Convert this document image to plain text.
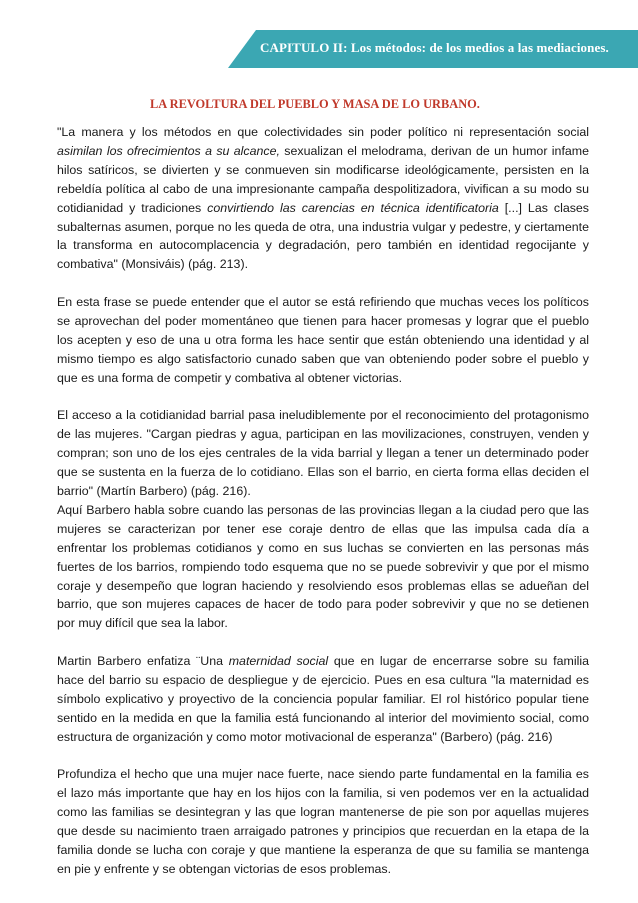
CAPITULO II: Los métodos: de los medios a las mediaciones.
LA REVOLTURA DEL PUEBLO Y MASA DE LO URBANO.

"La manera y los métodos en que colectividades sin poder político ni representación social asimilan los ofrecimientos a su alcance, sexualizan el melodrama, derivan de un humor infame hilos satíricos, se divierten y se conmueven sin modificarse ideológicamente, persisten en la rebeldía política al cabo de una impresionante campaña despolitizadora, vivifican a su modo su cotidianidad y tradiciones convirtiendo las carencias en técnica identificatoria [...] Las clases subalternas asumen, porque no les queda de otra, una industria vulgar y pedestre, y ciertamente la transforma en autocomplacencia y degradación, pero también en identidad regocijante y combativa" (Monsiváis) (pág. 213).

En esta frase se puede entender que el autor se está refiriendo que muchas veces los políticos se aprovechan del poder momentáneo que tienen para hacer promesas y lograr que el pueblo los acepten y eso de una u otra forma les hace sentir que están obteniendo una identidad y al mismo tiempo es algo satisfactorio cunado saben que van obteniendo poder sobre el pueblo y que es una forma de competir y combativa al obtener victorias.

El acceso a la cotidianidad barrial pasa ineludiblemente por el reconocimiento del protagonismo de las mujeres. "Cargan piedras y agua, participan en las movilizaciones, construyen, venden y compran; son uno de los ejes centrales de la vida barrial y llegan a tener un determinado poder que se sustenta en la fuerza de lo cotidiano. Ellas son el barrio, en cierta forma ellas deciden el barrio" (Martín Barbero) (pág. 216).

Aquí Barbero habla sobre cuando las personas de las provincias llegan a la ciudad pero que las mujeres se caracterizan por tener ese coraje dentro de ellas que las impulsa cada día a enfrentar los problemas cotidianos y como en sus luchas se convierten en las personas más fuertes de los barrios, rompiendo todo esquema que no se puede sobrevivir y que por el mismo coraje y desempeño que logran haciendo y resolviendo esos problemas ellas se adueñan del barrio, que son mujeres capaces de hacer de todo para poder sobrevivir y que no se detienen por muy difícil que sea la labor.

Martin Barbero enfatiza ¨Una maternidad social que en lugar de encerrarse sobre su familia hace del barrio su espacio de despliegue y de ejercicio. Pues en esa cultura "la maternidad es símbolo explicativo y proyectivo de la conciencia popular familiar. El rol histórico popular tiene sentido en la medida en que la familia está funcionando al interior del movimiento social, como estructura de organización y como motor motivacional de esperanza" (Barbero) (pág. 216)

Profundiza el hecho que una mujer nace fuerte, nace siendo parte fundamental en la familia es el lazo más importante que hay en los hijos con la familia, si ven podemos ver en la actualidad como las familias se desintegran y las que logran mantenerse de pie son por aquellas mujeres que desde su nacimiento traen arraigado patrones y principios que recuerdan en la etapa de la familia donde se lucha con coraje y que mantiene la esperanza de que su familia se mantenga en pie y enfrente y se obtengan victorias de esos problemas.
